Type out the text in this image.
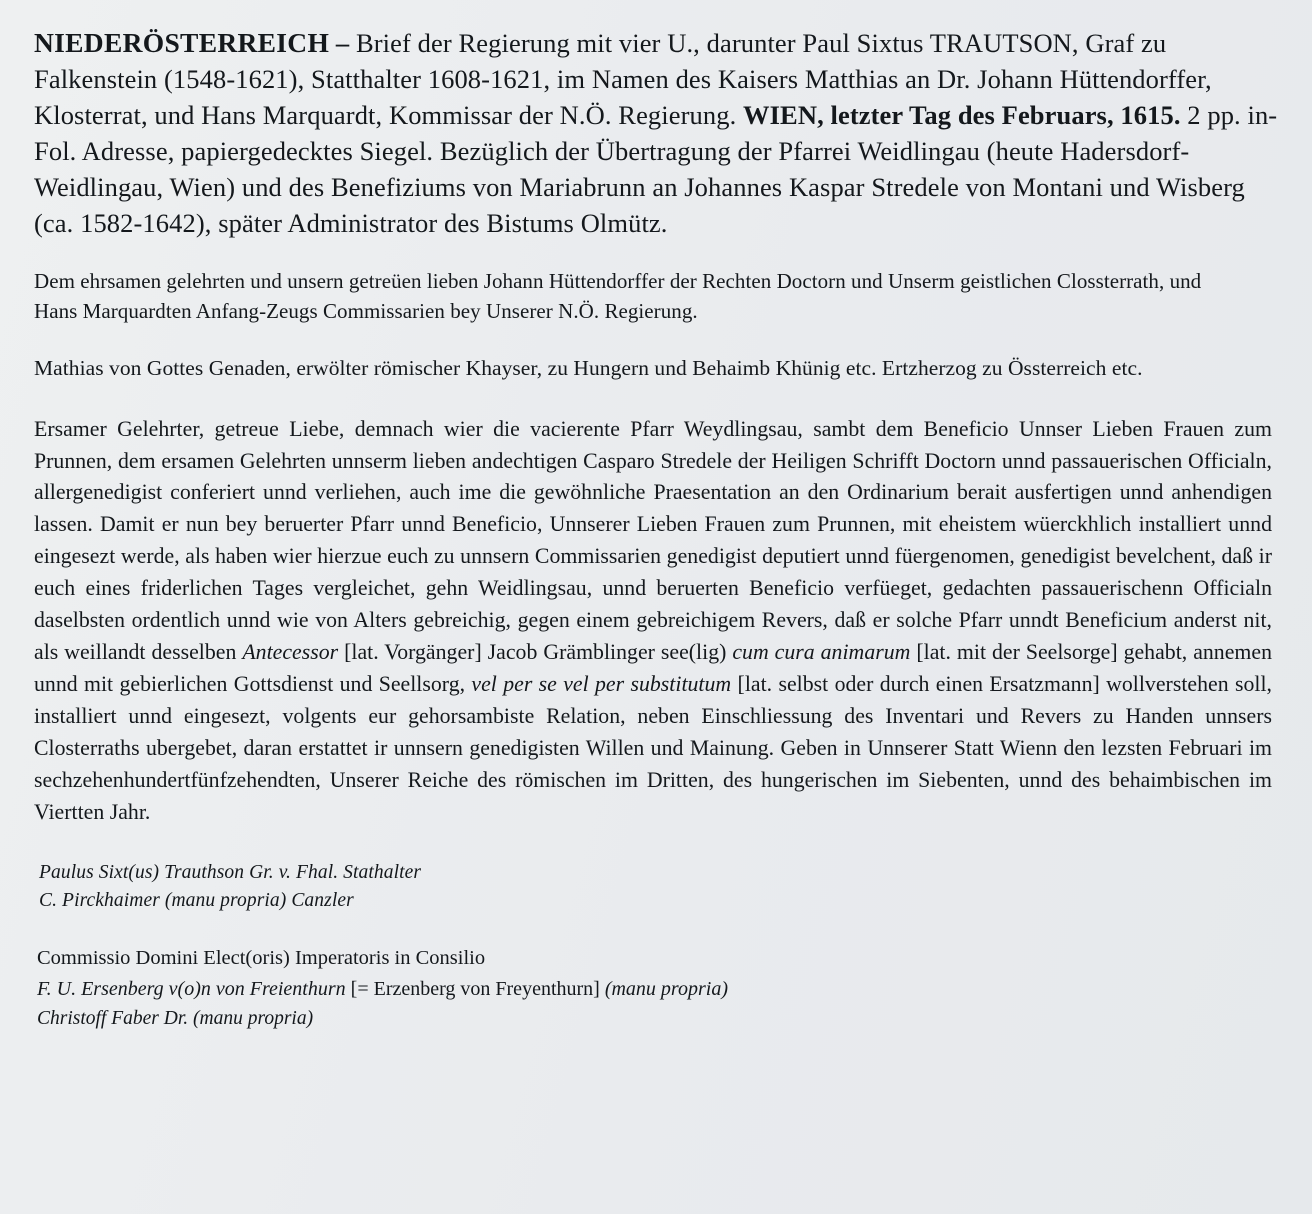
NIEDERÖSTERREICH – Brief der Regierung mit vier U., darunter Paul Sixtus TRAUTSON, Graf zu Falkenstein (1548-1621), Statthalter 1608-1621, im Namen des Kaisers Matthias an Dr. Johann Hüttendorffer, Klosterrat, und Hans Marquardt, Kommissar der N.Ö. Regierung. WIEN, letzter Tag des Februars, 1615. 2 pp. in-Fol. Adresse, papiergedecktes Siegel. Bezüglich der Übertragung der Pfarrei Weidlingau (heute Hadersdorf-Weidlingau, Wien) und des Benefiziums von Mariabrunn an Johannes Kaspar Stredele von Montani und Wisberg (ca. 1582-1642), später Administrator des Bistums Olmütz.

Dem ehrsamen gelehrten und unsern getreüen lieben Johann Hüttendorffer der Rechten Doctorn und Unserm geistlichen Clossterrath, und Hans Marquardten Anfang-Zeugs Commissarien bey Unserer N.Ö. Regierung.

Mathias von Gottes Genaden, erwölter römischer Khayser, zu Hungern und Behaimb Khünig etc. Ertzherzog zu Össterreich etc.

Ersamer Gelehrter, getreue Liebe, demnach wier die vacierente Pfarr Weydlingsau, sambt dem Beneficio Unnser Lieben Frauen zum Prunnen, dem ersamen Gelehrten unnserm lieben andechtigen Casparo Stredele der Heiligen Schrifft Doctorn unnd passauerischen Officialn, allergenedigist conferiert unnd verliehen, auch ime die gewöhnliche Praesentation an den Ordinarium berait ausfertigen unnd anhendigen lassen. Damit er nun bey beruerter Pfarr unnd Beneficio, Unnserer Lieben Frauen zum Prunnen, mit eheistem wüerckhlich installiert unnd eingesezt werde, als haben wier hierzue euch zu unnsern Commissarien genedigist deputiert unnd füergenomen, genedigist bevelchent, daß ir euch eines friderlichen Tages vergleichet, gehn Weidlingsau, unnd beruerten Beneficio verfüeget, gedachten passauerischenn Officialn daselbsten ordentlich unnd wie von Alters gebreichig, gegen einem gebreichigem Revers, daß er solche Pfarr unndt Beneficium anderst nit, als weillandt desselben Antecessor [lat. Vorgänger] Jacob Grämblinger see(lig) cum cura animarum [lat. mit der Seelsorge] gehabt, annemen unnd mit gebierlichen Gottsdienst und Seellsorg, vel per se vel per substitutum [lat. selbst oder durch einen Ersatzmann] wollverstehen soll, installiert unnd eingesezt, volgents eur gehorsambiste Relation, neben Einschliessung des Inventari und Revers zu Handen unnsers Closterraths ubergebet, daran erstattet ir unnsern genedigisten Willen und Mainung. Geben in Unnserer Statt Wienn den lezsten Februari im sechzehenhundertfünfzehendten, Unserer Reiche des römischen im Dritten, des hungerischen im Siebenten, unnd des behaimbischen im Viertten Jahr.

Paulus Sixt(us) Trauthson Gr. v. Fhal. Stathalter
C. Pirckhaimer (manu propria) Canzler
Commissio Domini Elect(oris) Imperatoris in Consilio
F. U. Ersenberg v(o)n von Freienthurn [= Erzenberg von Freyenthurn] (manu propria)
Christoff Faber Dr. (manu propria)
